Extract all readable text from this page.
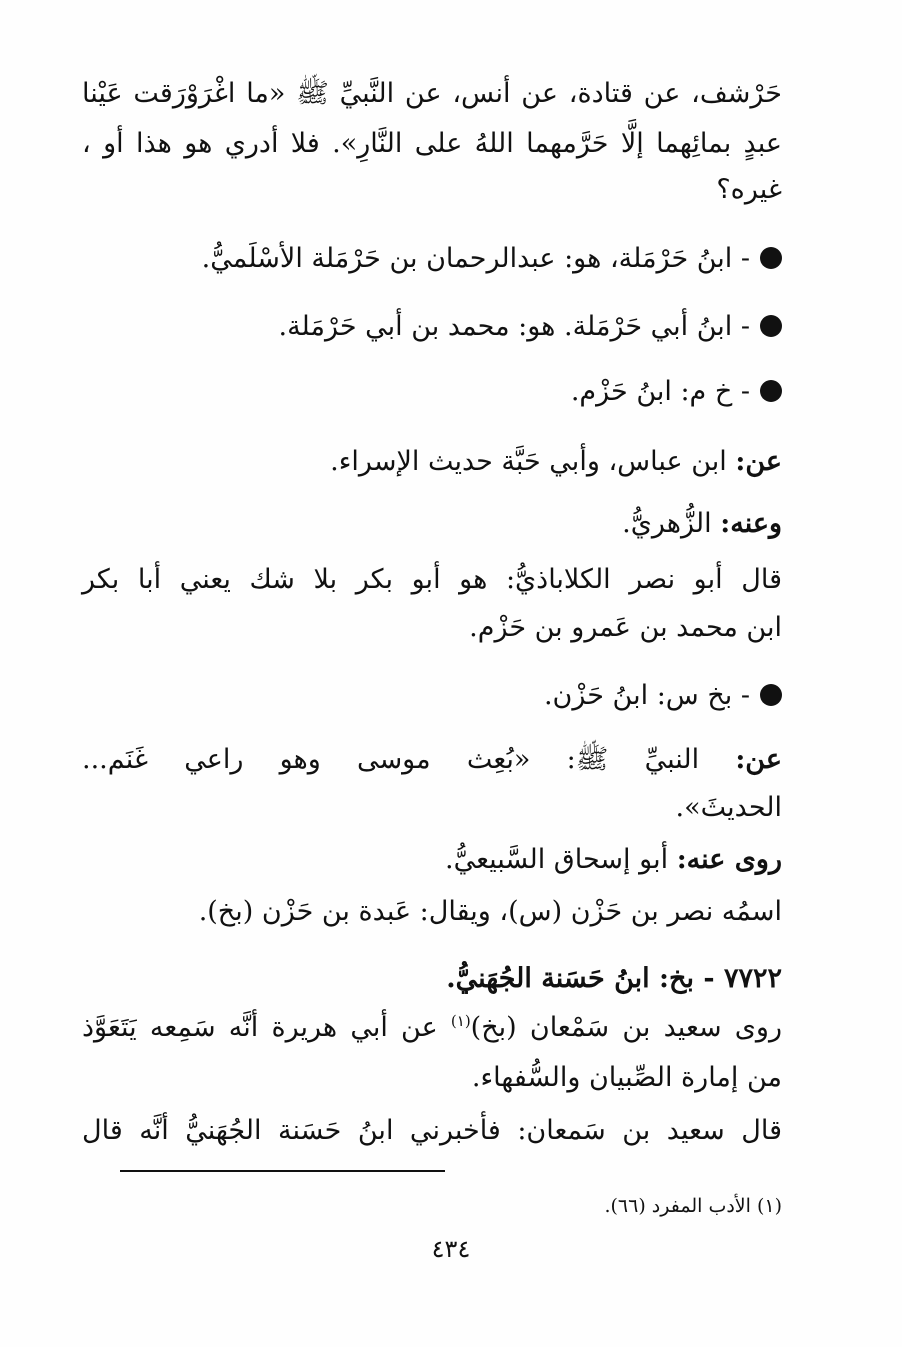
حَرْشف، عن قتادة، عن أنس، عن النَّبيِّ ﷺ «ما اغْرَوْرَقت عَيْنا
عبدٍ بمائِهما إلَّا حَرَّمهما اللهُ على النَّارِ». فلا أدري هو هذا أو ،
غيره؟
- ابنُ حَرْمَلة، هو: عبدالرحمان بن حَرْمَلة الأسْلَميُّ.
- ابنُ أبي حَرْمَلة. هو: محمد بن أبي حَرْمَلة.
- خ م: ابنُ حَزْم.
عن: ابن عباس، وأبي حَبَّة حديث الإسراء.
وعنه: الزُّهريُّ.
قال أبو نصر الكلاباذيُّ: هو أبو بكر بلا شك يعني أبا بكر
ابن محمد بن عَمرو بن حَزْم.
- بخ س: ابنُ حَزْن.
عن: النبيِّ ﷺ: «بُعِث موسى وهو راعي غَنَم...
الحديثَ».
روى عنه: أبو إسحاق السَّبيعيُّ.
اسمُه نصر بن حَزْن (س)، ويقال: عَبدة بن حَزْن (بخ).
٧٧٢٢ - بخ: ابنُ حَسَنة الجُهَنيُّ.
روى سعيد بن سَمْعان (بخ)$^{(١)}$ عن أبي هريرة أنَّه سَمِعه يَتَعَوَّذ
من إمارة الصِّبيان والسُّفهاء.
قال سعيد بن سَمعان: فأخبرني ابنُ حَسَنة الجُهَنيُّ أنَّه قال
(١) الأدب المفرد (٦٦).
٤٣٤
